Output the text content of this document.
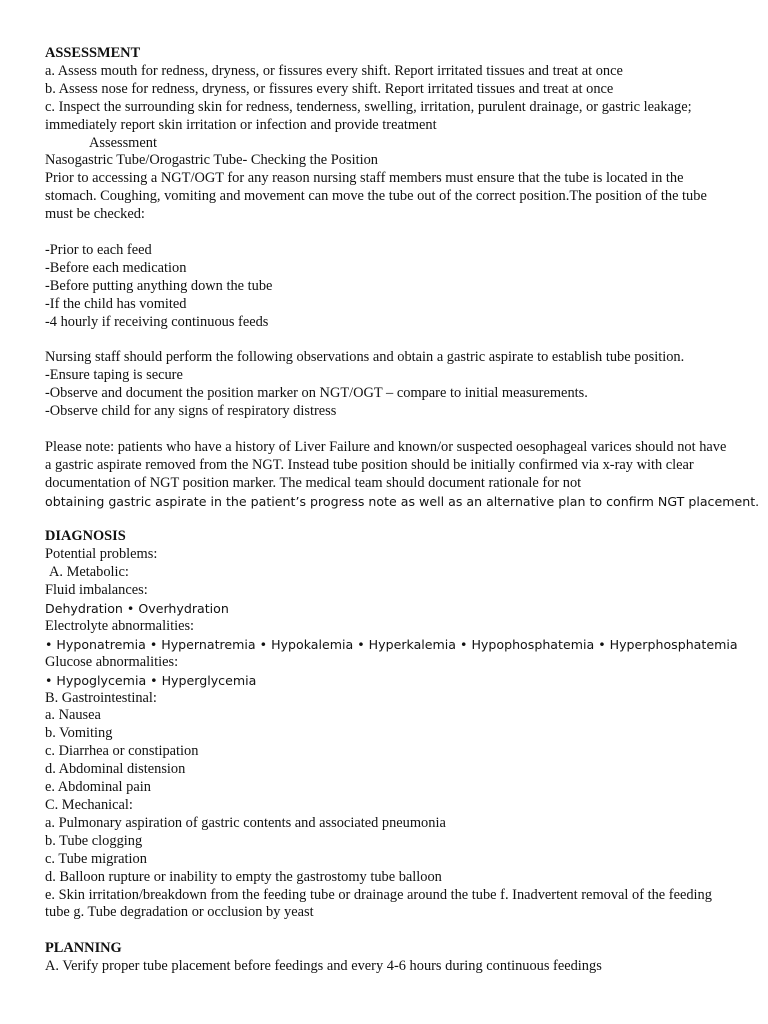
ASSESSMENT
a. Assess mouth for redness, dryness, or fissures every shift. Report irritated tissues and treat at once
b. Assess nose for redness, dryness, or fissures every shift. Report irritated tissues and treat at once
c. Inspect the surrounding skin for redness, tenderness, swelling, irritation, purulent drainage, or gastric leakage; immediately report skin irritation or infection and provide treatment
Assessment
Nasogastric Tube/Orogastric Tube- Checking the Position
Prior to accessing a NGT/OGT for any reason nursing staff members must ensure that the tube is located in the stomach. Coughing, vomiting and movement can move the tube out of the correct position.The position of the tube must be checked:
-Prior to each feed
-Before each medication
-Before putting anything down the tube
-If the child has vomited
-4 hourly if receiving continuous feeds
Nursing staff should perform the following observations and obtain a gastric aspirate to establish tube position.
-Ensure taping is secure
-Observe and document the position marker on NGT/OGT – compare to initial measurements.
-Observe child for any signs of respiratory distress
Please note: patients who have a history of Liver Failure and known/or suspected oesophageal varices should not have a gastric aspirate removed from the NGT. Instead tube position should be initially confirmed via x-ray with clear documentation of NGT position marker. The medical team should document rationale for not
obtaining gastric aspirate in the patient’s progress note as well as an alternative plan to confirm NGT placement.
DIAGNOSIS
Potential problems:
A. Metabolic:
Fluid imbalances:
Dehydration • Overhydration
Electrolyte abnormalities:
• Hyponatremia • Hypernatremia • Hypokalemia • Hyperkalemia • Hypophosphatemia • Hyperphosphatemia
Glucose abnormalities:
• Hypoglycemia • Hyperglycemia
B. Gastrointestinal:
a. Nausea
b. Vomiting
c. Diarrhea or constipation
d. Abdominal distension
e. Abdominal pain
C. Mechanical:
a. Pulmonary aspiration of gastric contents and associated pneumonia
b. Tube clogging
c. Tube migration
d. Balloon rupture or inability to empty the gastrostomy tube balloon
e. Skin irritation/breakdown from the feeding tube or drainage around the tube f. Inadvertent removal of the feeding tube g. Tube degradation or occlusion by yeast
PLANNING
A. Verify proper tube placement before feedings and every 4-6 hours during continuous feedings
